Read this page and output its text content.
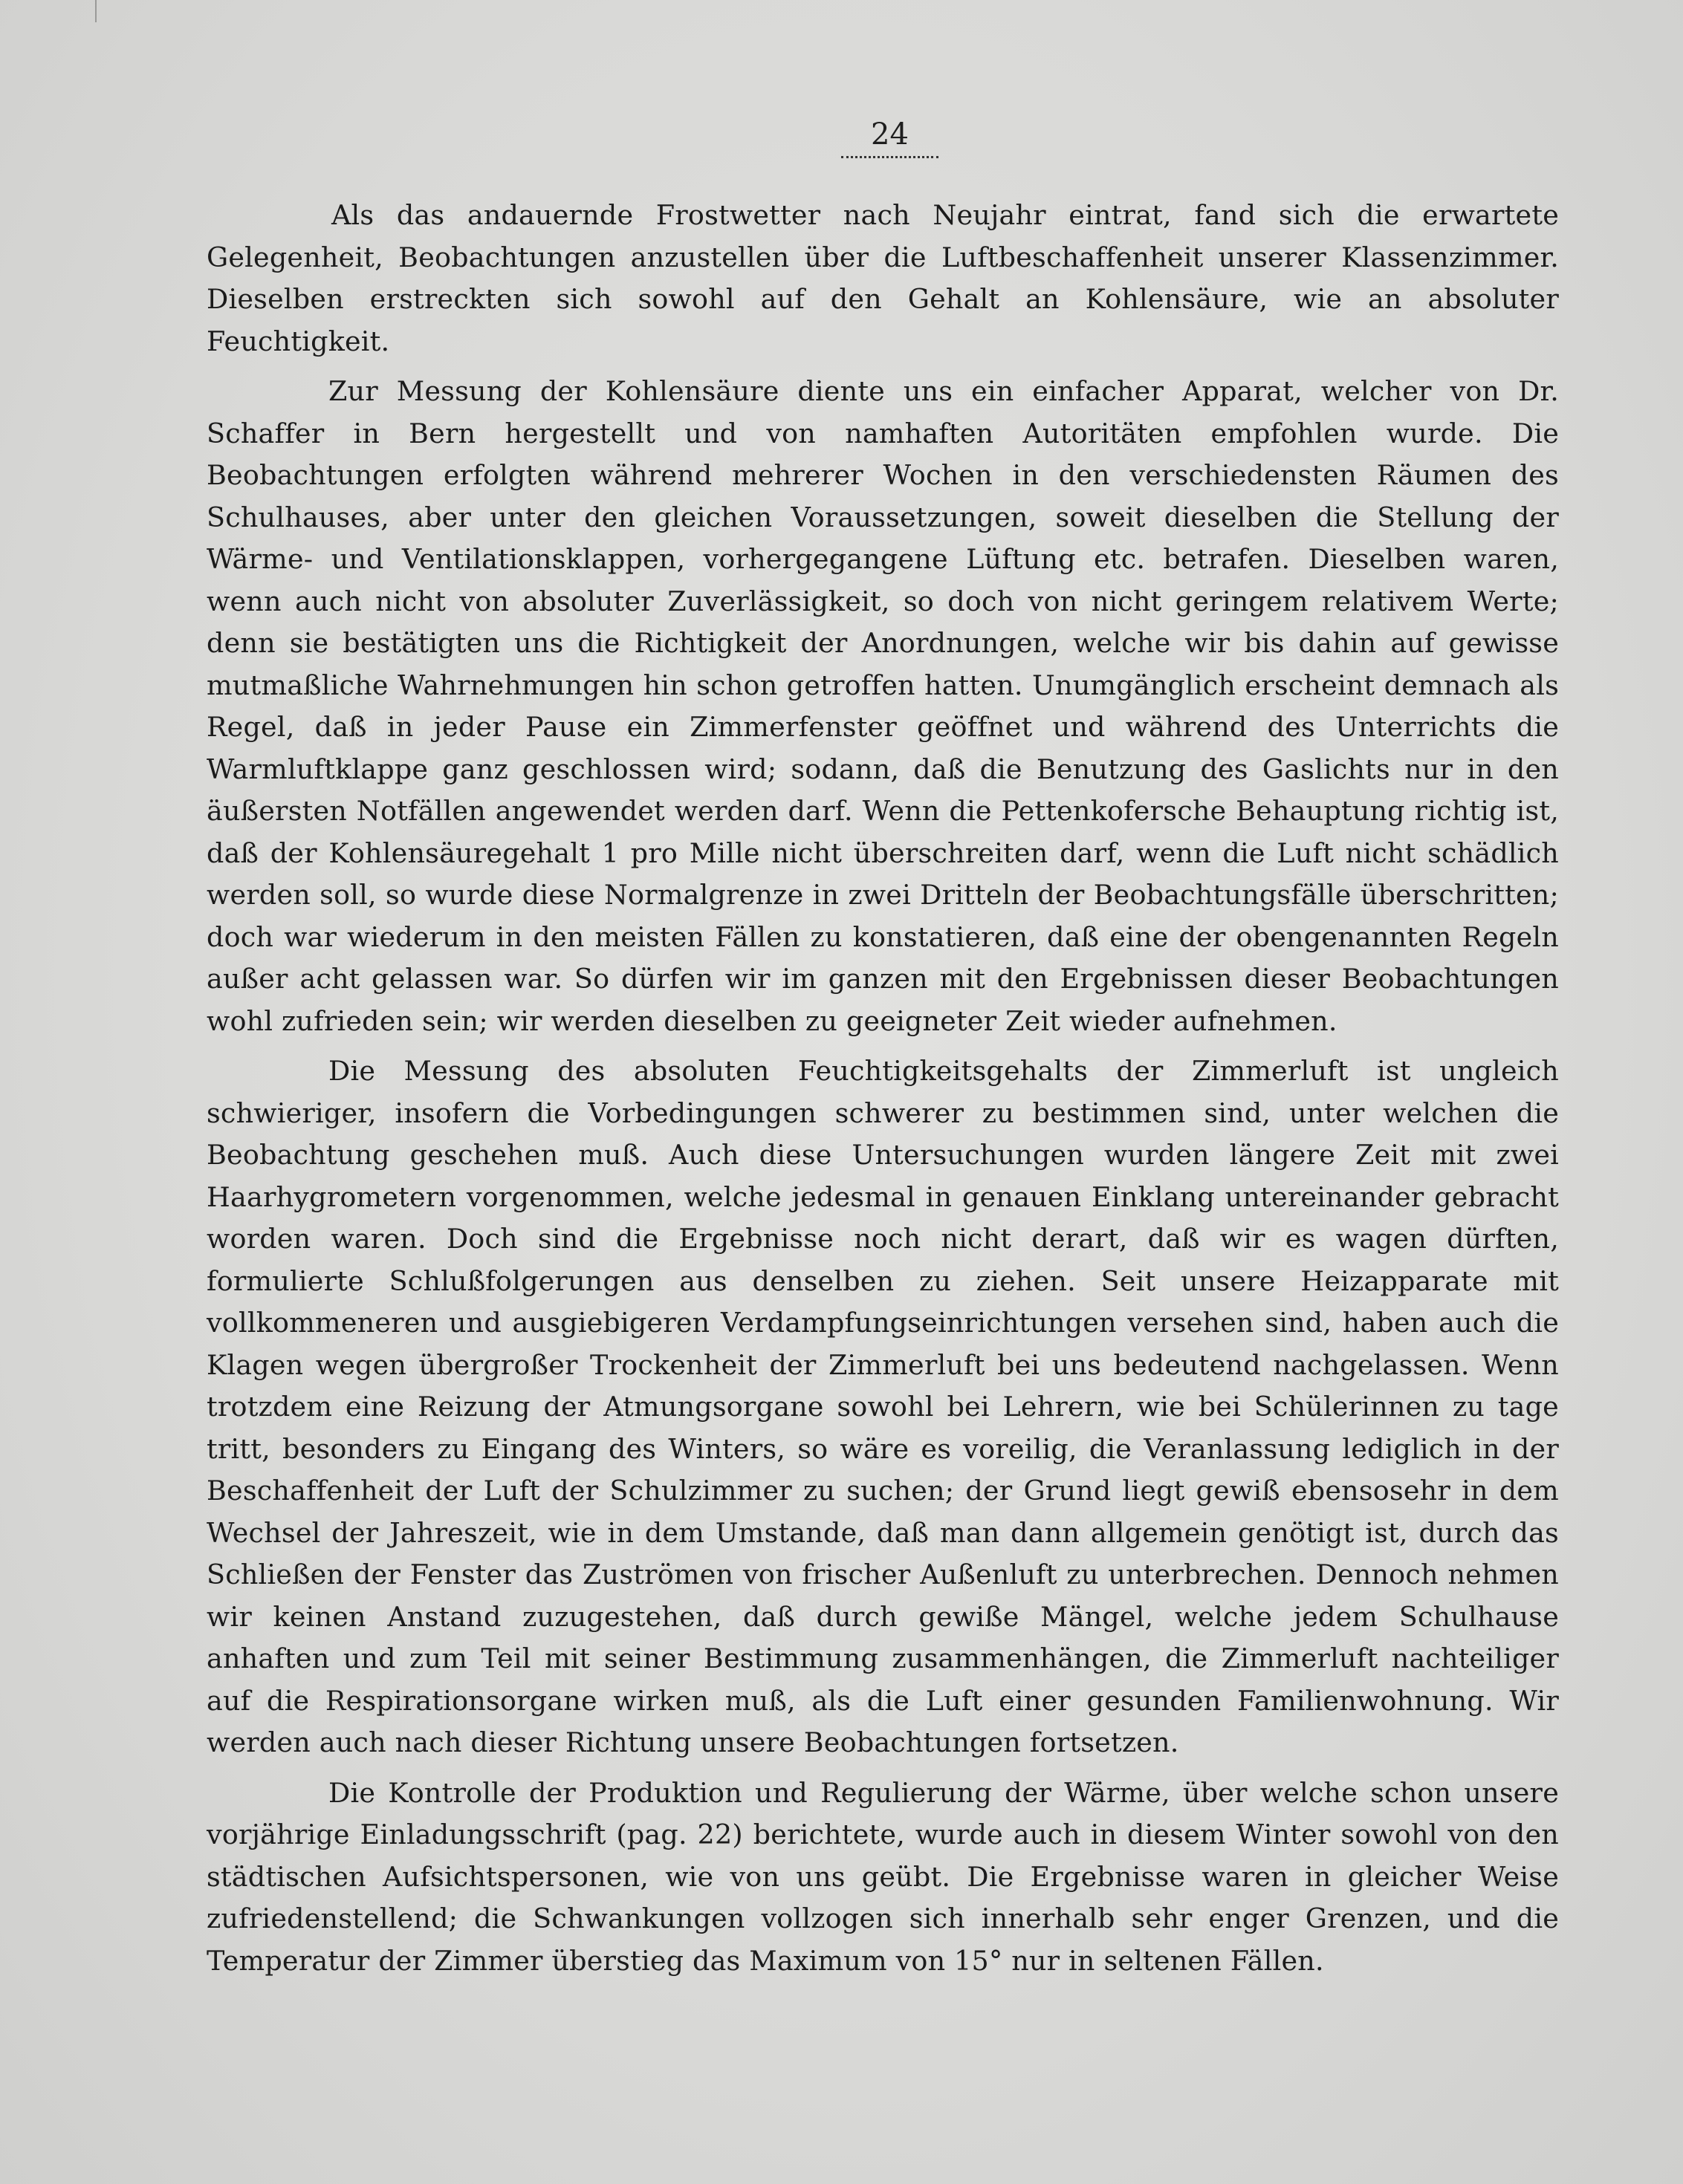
24

Als das andauernde Frostwetter nach Neujahr eintrat, fand sich die erwartete Gelegenheit, Beobachtungen anzustellen über die Luftbeschaffenheit unserer Klassenzimmer. Dieselben erstreckten sich sowohl auf den Gehalt an Kohlensäure, wie an absoluter Feuchtigkeit.

Zur Messung der Kohlensäure diente uns ein einfacher Apparat, welcher von Dr. Schaffer in Bern hergestellt und von namhaften Autoritäten empfohlen wurde. Die Beobachtungen erfolgten während mehrerer Wochen in den verschiedensten Räumen des Schulhauses, aber unter den gleichen Voraussetzungen, soweit dieselben die Stellung der Wärme- und Ventilationsklappen, vorhergegangene Lüftung etc. betrafen. Dieselben waren, wenn auch nicht von absoluter Zuverlässigkeit, so doch von nicht geringem relativem Werte; denn sie bestätigten uns die Richtigkeit der Anordnungen, welche wir bis dahin auf gewisse mutmaßliche Wahrnehmungen hin schon getroffen hatten. Unumgänglich erscheint demnach als Regel, daß in jeder Pause ein Zimmerfenster geöffnet und während des Unterrichts die Warmluftklappe ganz geschlossen wird; sodann, daß die Benutzung des Gaslichts nur in den äußersten Notfällen angewendet werden darf. Wenn die Pettenkofersche Behauptung richtig ist, daß der Kohlensäuregehalt 1 pro Mille nicht überschreiten darf, wenn die Luft nicht schädlich werden soll, so wurde diese Normalgrenze in zwei Dritteln der Beobachtungsfälle überschritten; doch war wiederum in den meisten Fällen zu konstatieren, daß eine der obengenannten Regeln außer acht gelassen war. So dürfen wir im ganzen mit den Ergebnissen dieser Beobachtungen wohl zufrieden sein; wir werden dieselben zu geeigneter Zeit wieder aufnehmen.

Die Messung des absoluten Feuchtigkeitsgehalts der Zimmerluft ist ungleich schwieriger, insofern die Vorbedingungen schwerer zu bestimmen sind, unter welchen die Beobachtung geschehen muß. Auch diese Untersuchungen wurden längere Zeit mit zwei Haarhygrometern vorgenommen, welche jedesmal in genauen Einklang untereinander gebracht worden waren. Doch sind die Ergebnisse noch nicht derart, daß wir es wagen dürften, formulierte Schlußfolgerungen aus denselben zu ziehen. Seit unsere Heizapparate mit vollkommeneren und ausgiebigeren Verdampfungseinrichtungen versehen sind, haben auch die Klagen wegen übergroßer Trockenheit der Zimmerluft bei uns bedeutend nachgelassen. Wenn trotzdem eine Reizung der Atmungsorgane sowohl bei Lehrern, wie bei Schülerinnen zu tage tritt, besonders zu Eingang des Winters, so wäre es voreilig, die Veranlassung lediglich in der Beschaffenheit der Luft der Schulzimmer zu suchen; der Grund liegt gewiß ebensosehr in dem Wechsel der Jahreszeit, wie in dem Umstande, daß man dann allgemein genötigt ist, durch das Schließen der Fenster das Zuströmen von frischer Außenluft zu unterbrechen. Dennoch nehmen wir keinen Anstand zuzugestehen, daß durch gewiße Mängel, welche jedem Schulhause anhaften und zum Teil mit seiner Bestimmung zusammenhängen, die Zimmerluft nachteiliger auf die Respirationsorgane wirken muß, als die Luft einer gesunden Familienwohnung. Wir werden auch nach dieser Richtung unsere Beobachtungen fortsetzen.

Die Kontrolle der Produktion und Regulierung der Wärme, über welche schon unsere vorjährige Einladungsschrift (pag. 22) berichtete, wurde auch in diesem Winter sowohl von den städtischen Aufsichtspersonen, wie von uns geübt. Die Ergebnisse waren in gleicher Weise zufriedenstellend; die Schwankungen vollzogen sich innerhalb sehr enger Grenzen, und die Temperatur der Zimmer überstieg das Maximum von 15° nur in seltenen Fällen.
